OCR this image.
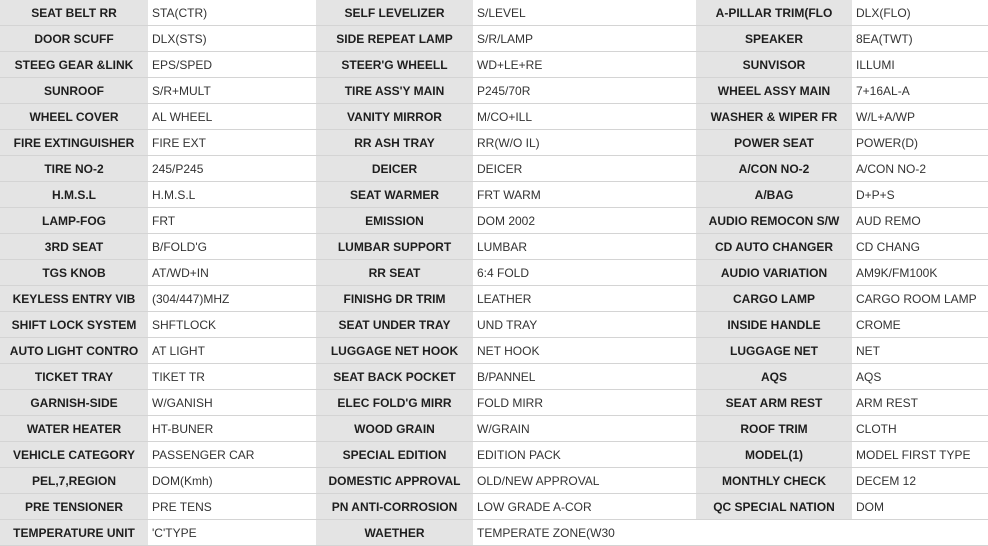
SEAT BELT RR	STA(CTR)	SELF LEVELIZER	S/LEVEL	A-PILLAR TRIM(FLO	DLX(FLO)
DOOR SCUFF	DLX(STS)	SIDE REPEAT LAMP	S/R/LAMP	SPEAKER	8EA(TWT)
STEEG GEAR &LINK	EPS/SPED	STEER'G WHEELL	WD+LE+RE	SUNVISOR	ILLUMI
SUNROOF	S/R+MULT	TIRE ASS'Y MAIN	P245/70R	WHEEL ASSY MAIN	7+16AL-A
WHEEL COVER	AL WHEEL	VANITY MIRROR	M/CO+ILL	WASHER & WIPER FR	W/L+A/WP
FIRE EXTINGUISHER	FIRE EXT	RR ASH TRAY	RR(W/O IL)	POWER SEAT	POWER(D)
TIRE NO-2	245/P245	DEICER	DEICER	A/CON NO-2	A/CON NO-2
H.M.S.L	H.M.S.L	SEAT WARMER	FRT WARM	A/BAG	D+P+S
LAMP-FOG	FRT	EMISSION	DOM 2002	AUDIO REMOCON S/W	AUD REMO
3RD SEAT	B/FOLD'G	LUMBAR SUPPORT	LUMBAR	CD AUTO CHANGER	CD CHANG
TGS KNOB	AT/WD+IN	RR SEAT	6:4 FOLD	AUDIO VARIATION	AM9K/FM100K
KEYLESS ENTRY VIB	(304/447)MHZ	FINISHG DR TRIM	LEATHER	CARGO LAMP	CARGO ROOM LAMP
SHIFT LOCK SYSTEM	SHFTLOCK	SEAT UNDER TRAY	UND TRAY	INSIDE HANDLE	CROME
AUTO LIGHT CONTRO	AT LIGHT	LUGGAGE NET HOOK	NET HOOK	LUGGAGE NET	NET
TICKET TRAY	TIKET TR	SEAT BACK POCKET	B/PANNEL	AQS	AQS
GARNISH-SIDE	W/GANISH	ELEC FOLD'G MIRR	FOLD MIRR	SEAT ARM REST	ARM REST
WATER HEATER	HT-BUNER	WOOD GRAIN	W/GRAIN	ROOF TRIM	CLOTH
VEHICLE CATEGORY	PASSENGER CAR	SPECIAL EDITION	EDITION PACK	MODEL(1)	MODEL FIRST TYPE
PEL,7,REGION	DOM(Kmh)	DOMESTIC APPROVAL	OLD/NEW APPROVAL	MONTHLY CHECK	DECEM 12
PRE TENSIONER	PRE TENS	PN ANTI-CORROSION	LOW GRADE A-COR	QC SPECIAL NATION	DOM
TEMPERATURE UNIT	'C'TYPE	WAETHER	TEMPERATE ZONE(W30		
